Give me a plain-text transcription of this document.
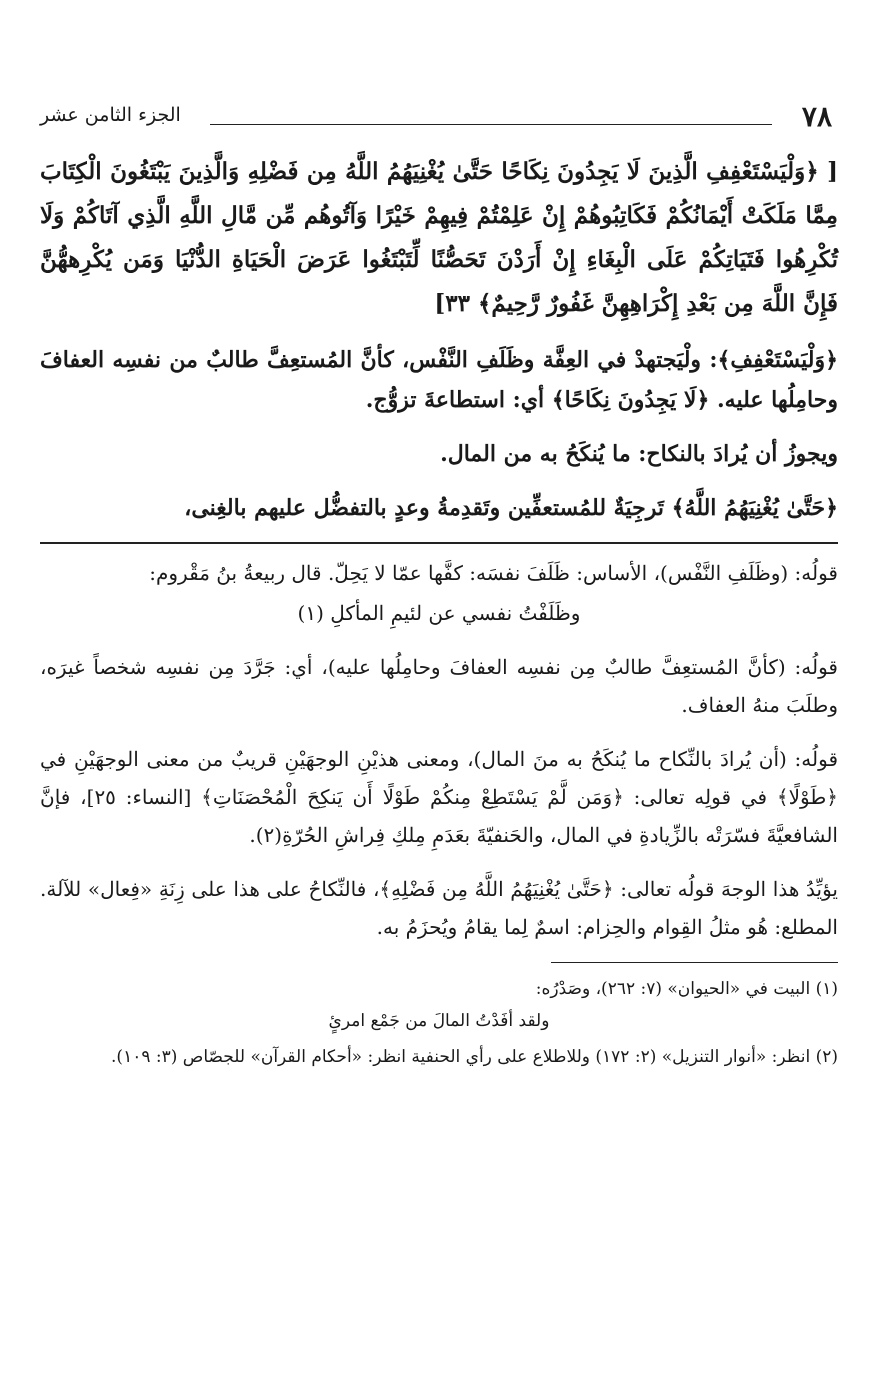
٧٨
الجزء الثامن عشر

[ ﴿وَلْيَسْتَعْفِفِ الَّذِينَ لَا يَجِدُونَ نِكَاحًا حَتَّىٰ يُغْنِيَهُمُ اللَّهُ مِن فَضْلِهِ وَالَّذِينَ يَبْتَغُونَ الْكِتَابَ مِمَّا مَلَكَتْ أَيْمَانُكُمْ فَكَاتِبُوهُمْ إِنْ عَلِمْتُمْ فِيهِمْ خَيْرًا وَآتُوهُم مِّن مَّالِ اللَّهِ الَّذِي آتَاكُمْ وَلَا تُكْرِهُوا فَتَيَاتِكُمْ عَلَى الْبِغَاءِ إِنْ أَرَدْنَ تَحَصُّنًا لِّتَبْتَغُوا عَرَضَ الْحَيَاةِ الدُّنْيَا وَمَن يُكْرِههُّنَّ فَإِنَّ اللَّهَ مِن بَعْدِ إِكْرَاهِهِنَّ غَفُورٌ رَّحِيمٌ﴾ ٣٣]

﴿وَلْيَسْتَعْفِفِ﴾: ولْيَجتهدْ في العِفَّة وظَلَفِ النَّفْس، كأنَّ المُستعِفَّ طالبٌ من نفسِه العفافَ وحامِلُها عليه. ﴿لَا يَجِدُونَ نِكَاحًا﴾ أي: استطاعةَ تزوُّج.

ويجوزُ أن يُرادَ بالنكاح: ما يُنكَحُ به من المال.

﴿حَتَّىٰ يُغْنِيَهُمُ اللَّهُ﴾ تَرجِيَةٌ للمُستعفِّين وتَقدِمةُ وعدٍ بالتفضُّل عليهم بالغِنى،

قولُه: (وظَلَفِ النَّفْس)، الأساس: ظَلَفَ نفسَه: كفَّها عمّا لا يَحِلّ. قال ربيعةُ بنُ مَقْروم:

وظَلَفْتُ نفسي عن لئيمِ المأكلِ (١)

قولُه: (كأنَّ المُستعِفَّ طالبٌ مِن نفسِه العفافَ وحامِلُها عليه)، أي: جَرَّدَ مِن نفسِه شخصاً غيرَه، وطلَبَ منهُ العفاف.

قولُه: (أن يُرادَ بالنِّكاح ما يُنكَحُ به منَ المال)، ومعنى هذيْنِ الوجهَيْنِ قريبٌ من معنى الوجهَيْنِ في ﴿طَوْلًا﴾ في قولِه تعالى: ﴿وَمَن لَّمْ يَسْتَطِعْ مِنكُمْ طَوْلًا أَن يَنكِحَ الْمُحْصَنَاتِ﴾ [النساء: ٢٥]، فإنَّ الشافعيَّةَ فسّرَتْه بالزِّيادةِ في المال، والحَنفيّةَ بعَدَمِ مِلكِ فِراشِ الحُرّةِ(٢).

يؤيِّدُ هذا الوجهَ قولُه تعالى: ﴿حَتَّىٰ يُغْنِيَهُمُ اللَّهُ مِن فَضْلِهِ﴾، فالنِّكاحُ على هذا على زِنَةِ «فِعال» للآلة. المطلع: هُو مثلُ القِوام والحِزام: اسمٌ لِما يقامُ ويُحزَمُ به.

(١) البيت في «الحيوان» (٧: ٢٦٢)، وصَدْرُه:

ولقد أفَدْتُ المالَ من جَمْع امرئٍ

(٢) انظر: «أنوار التنزيل» (٢: ١٧٢) وللاطلاع على رأي الحنفية انظر: «أحكام القرآن» للجصّاص (٣: ١٠٩).
